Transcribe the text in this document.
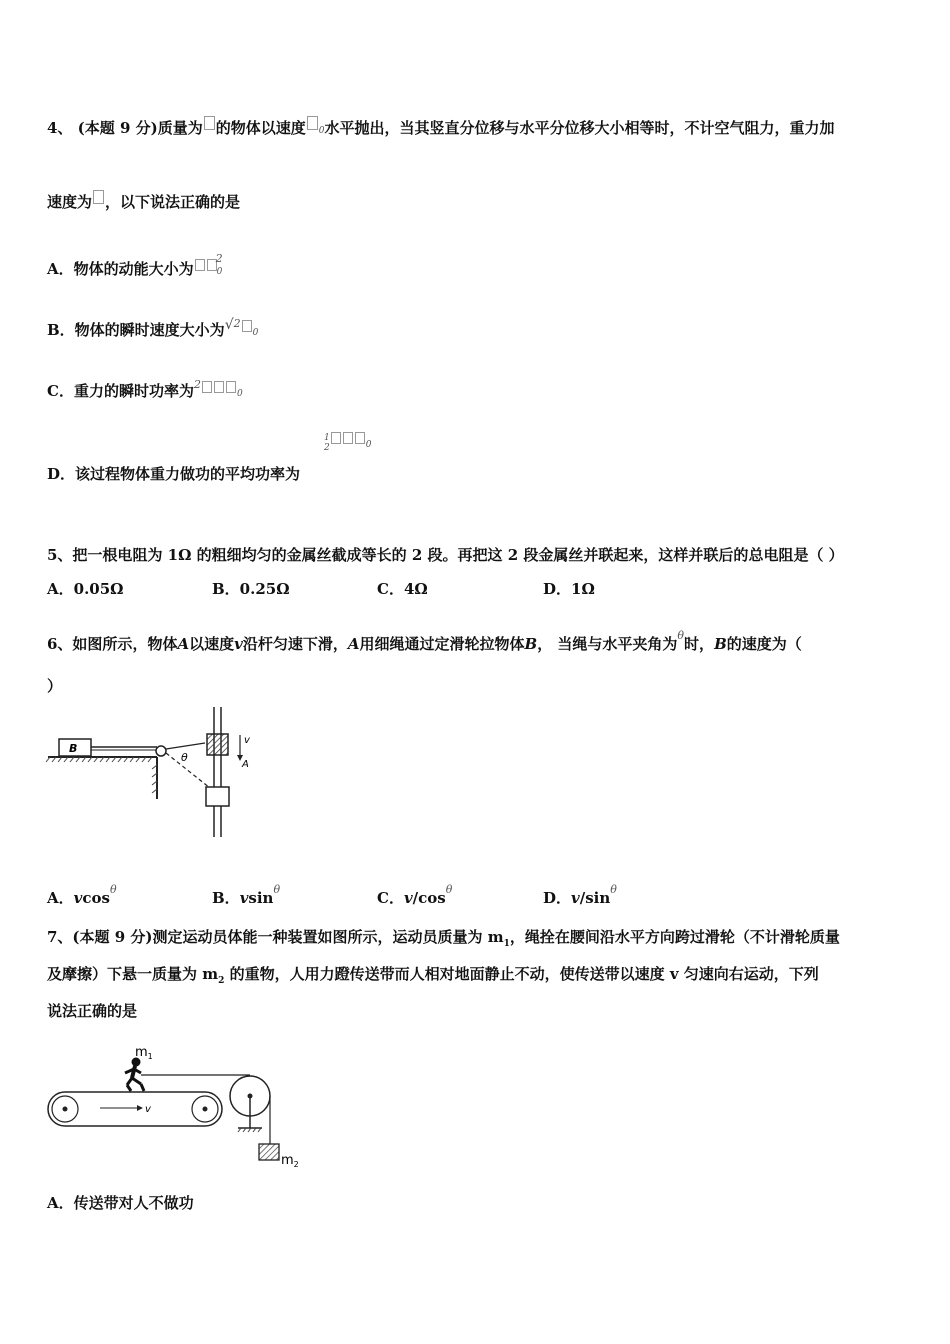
4、 (本题 9 分)质量为 的物体以速度 0水平抛出，当其竖直分位移与水平分位移大小相等时，不计空气阻力，重力加
速度为 ，以下说法正确的是
A．物体的动能大小为$^2$0
B．物体的瞬时速度大小为√$^2$0
C．重力的瞬时功率为$^2$0
D．该过程物体重力做功的平均功率为
1
2	0
5、把一根电阻为 1Ω 的粗细均匀的金属丝截成等长的 2 段。再把这 2 段金属丝并联起来，这样并联后的总电阻是（ ）
A．0.05Ω	B．0.25Ω	C．4Ω	D．1Ω
6、如图所示，物体A以速度v沿杆匀速下滑，A用细绳通过定滑轮拉物体B， 当绳与水平夹角为$^\theta$时，B的速度为（
）
B
θ
v
A
A．vcos$^\theta$	B．vsin$^\theta$	C．$v/\cos^\theta$	D．$v/\sin^\theta$
7、(本题 9 分)测定运动员体能一种装置如图所示，运动员质量为 $m_1$，绳拴在腰间沿水平方向跨过滑轮（不计滑轮质量
及摩擦）下悬一质量为 $m_2$ 的重物，人用力蹬传送带而人相对地面静止不动，使传送带以速度 v 匀速向右运动，下列
说法正确的是
v
$m_1$
$m_2$
A．传送带对人不做功
